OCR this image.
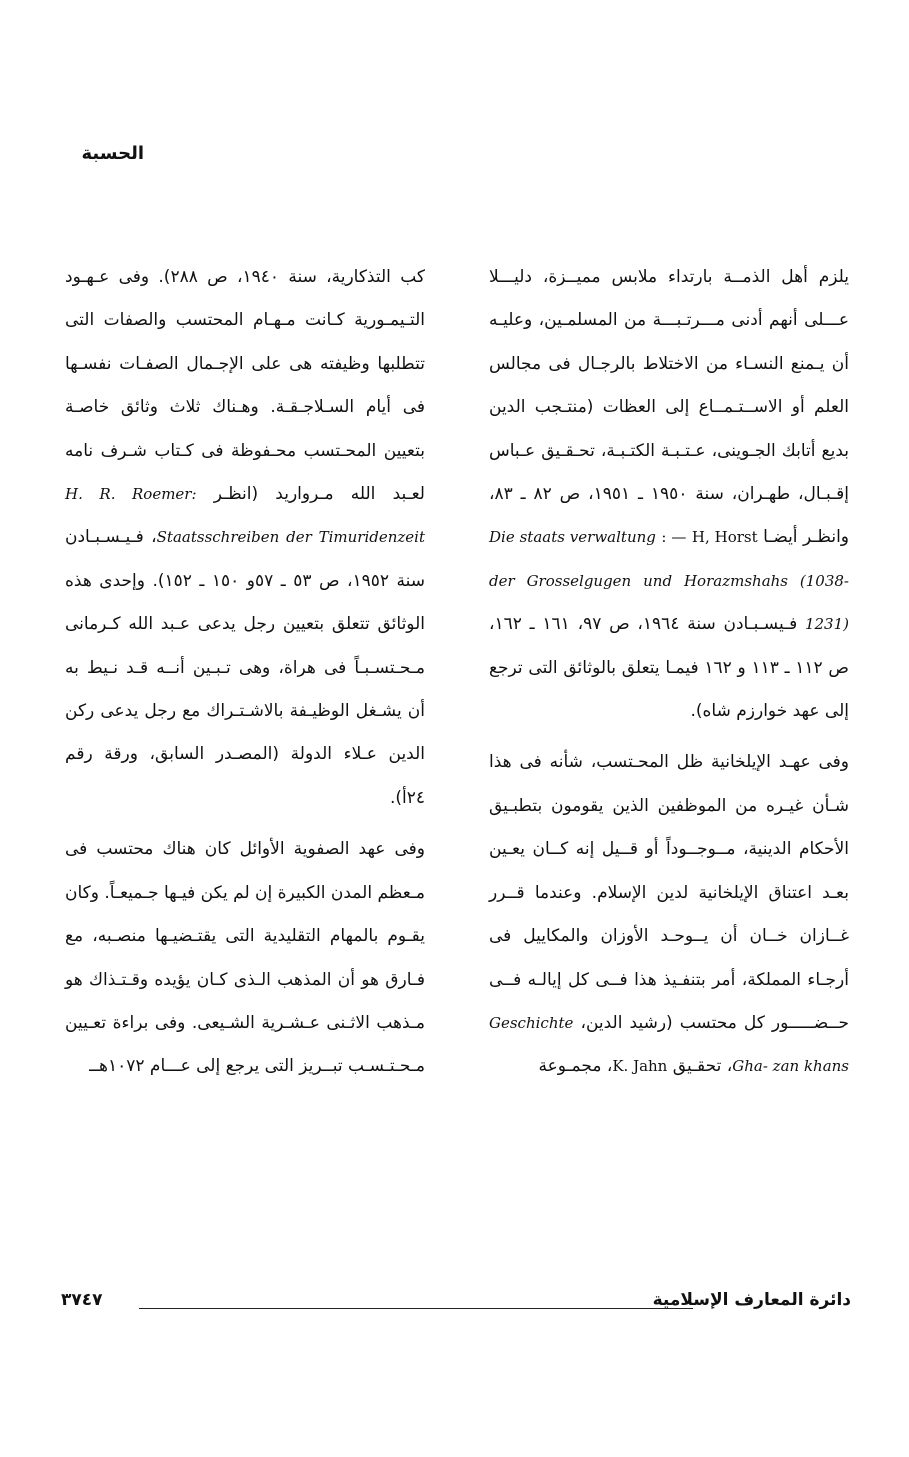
الحسبة

يلزم أهل الذمــة بارتداء ملابس مميــزة، دليـــلا عـــلى أنهم أدنى مـــرتـبـــة من المسلمـين، وعليـه أن يـمنع النسـاء من الاختلاط بالرجـال فى مجالس العلم أو الاســتـمــاع إلى العظات (منتـجب الدين بديع أتابك الجـوينى، عـتـبـة الكتـبـة، تحـقـيق عـباس إقـبـال، طهـران، سنة ١٩٥٠ ـ ١٩٥١، ص ٨٢ ـ ٨٣، وانظـر أيضـا H, Horst : — Die staats verwaltung der Grosselgugen und Horazmshahs (1038- 1231) فـيسـبـادن سنة ١٩٦٤، ص ٩٧، ١٦١ ـ ١٦٢، ص ١١٢ ـ ١١٣ و ١٦٢ فيمـا يتعلق بالوثائق التى ترجع إلى عهد خوارزم شاه).

وفى عهـد الإيلخانية ظل المحـتسب، شأنه فى هذا شـأن غيـره من الموظفين الذين يقومون بتطبـيق الأحكام الدينية، مــوجــوداً أو قــيل إنه كــان يعـين بعـد اعتناق الإيلخانية لدين الإسلام. وعندما قــرر غــازان خــان أن يــوحـد الأوزان والمكاييل فى أرجـاء المملكة، أمر بتنفـيذ هذا فــى كل إيالـه فــى حــضـــــور كل محتسب (رشيد الدين، Geschichte Gha- zan khans، تحقـيق K. Jahn، مجمـوعة

كب التذكارية، سنة ١٩٤٠، ص ٢٨٨). وفى عـهـود التـيمـورية كـانت مـهـام المحتسب والصفات التى تتطلبها وظيفته هى على الإجـمال الصفـات نفسـها فى أيام السـلاجـقـة. وهـناك ثلاث وثائق خاصـة بتعيين المحـتسب محـفوظة فى كـتاب شـرف نامه لعـبد الله مـرواريد (انظـر H. R. Roemer: Staatsschreiben der Timuridenzeit، فـيـسـبـادن سنة ١٩٥٢، ص ٥٣ ـ ٥٧و ١٥٠ ـ ١٥٢). وإحدى هذه الوثائق تتعلق بتعيين رجل يدعى عـبد الله كـرمانى مـحـتسـبـاً فى هراة، وهى تـبـين أنــه قـد نـيط به أن يشـغل الوظيـفة بالاشـتـراك مع رجل يدعى ركن الدين عـلاء الدولة (المصـدر السابق، ورقة رقم ٢٤أ).

وفى عهد الصفوية الأوائل كان هناك محتسب فى مـعظم المدن الكبيرة إن لم يكن فيـها جـميعـاً. وكان يقـوم بالمهام التقليدية التى يقتـضيـها منصـبه، مع فـارق هو أن المذهب الـذى كـان يؤيده وقـتـذاك هو مـذهب الاثـنى عـشـرية الشـيعى. وفى براءة تعـيين مـحـتـسـب تبــريز التى يرجع إلى عـــام ١٠٧٢هــ

دائرة المعارف الإسلامية
٣٧٤٧
